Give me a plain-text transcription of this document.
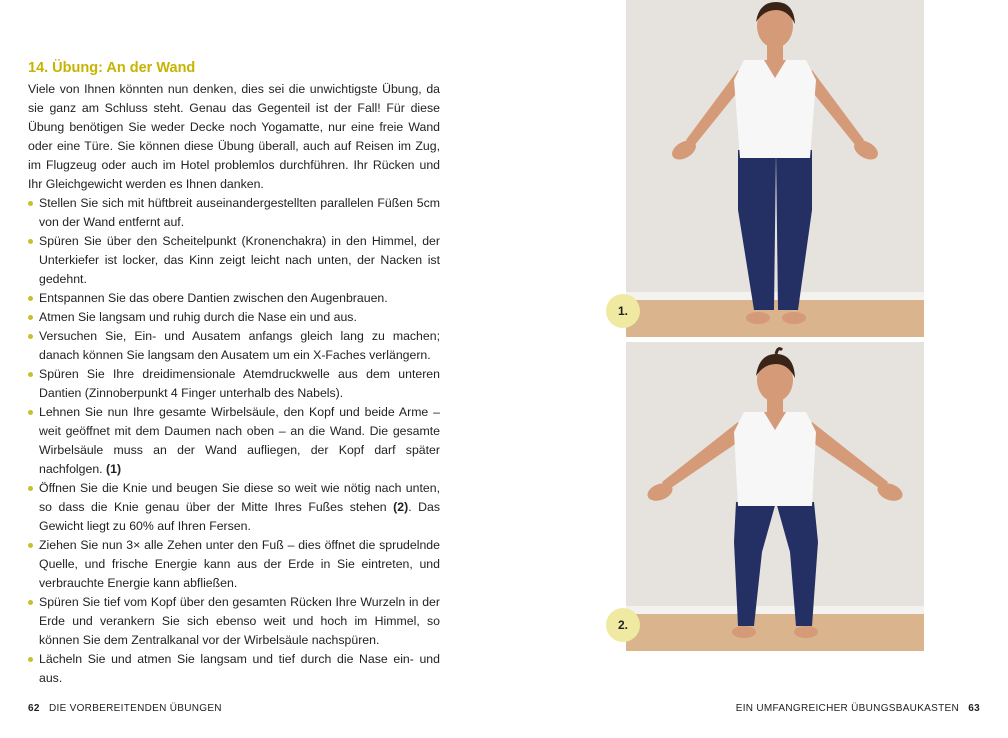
14. Übung: An der Wand

Viele von Ihnen könnten nun denken, dies sei die unwichtigste Übung, da sie ganz am Schluss steht. Genau das Gegenteil ist der Fall! Für diese Übung benötigen Sie weder Decke noch Yogamatte, nur eine freie Wand oder eine Türe. Sie können diese Übung überall, auch auf Reisen im Zug, im Flugzeug oder auch im Hotel problemlos durchführen. Ihr Rücken und Ihr Gleichgewicht werden es Ihnen danken.

Stellen Sie sich mit hüftbreit auseinandergestellten parallelen Füßen 5cm von der Wand entfernt auf.
Spüren Sie über den Scheitelpunkt (Kronenchakra) in den Himmel, der Unterkiefer ist locker, das Kinn zeigt leicht nach unten, der Nacken ist gedehnt.
Entspannen Sie das obere Dantien zwischen den Augenbrauen.
Atmen Sie langsam und ruhig durch die Nase ein und aus.
Versuchen Sie, Ein- und Ausatem anfangs gleich lang zu machen; danach können Sie langsam den Ausatem um ein X-Faches verlängern.
Spüren Sie Ihre dreidimensionale Atemdruckwelle aus dem unteren Dantien (Zinnoberpunkt 4 Finger unterhalb des Nabels).
Lehnen Sie nun Ihre gesamte Wirbelsäule, den Kopf und beide Arme – weit geöffnet mit dem Daumen nach oben – an die Wand. Die gesamte Wirbelsäule muss an der Wand aufliegen, der Kopf darf später nachfolgen. (1)
Öffnen Sie die Knie und beugen Sie diese so weit wie nötig nach unten, so dass die Knie genau über der Mitte Ihres Fußes stehen (2). Das Gewicht liegt zu 60% auf Ihren Fersen.
Ziehen Sie nun 3× alle Zehen unter den Fuß – dies öffnet die sprudelnde Quelle, und frische Energie kann aus der Erde in Sie eintreten, und verbrauchte Energie kann abfließen.
Spüren Sie tief vom Kopf über den gesamten Rücken Ihre Wurzeln in der Erde und verankern Sie sich ebenso weit und hoch im Himmel, so können Sie dem Zentralkanal vor der Wirbelsäule nachspüren.
Lächeln Sie und atmen Sie langsam und tief durch die Nase ein- und aus.
62 DIE VORBEREITENDEN ÜBUNGEN
1.
2.
EIN UMFANGREICHER ÜBUNGSBAUKASTEN 63
